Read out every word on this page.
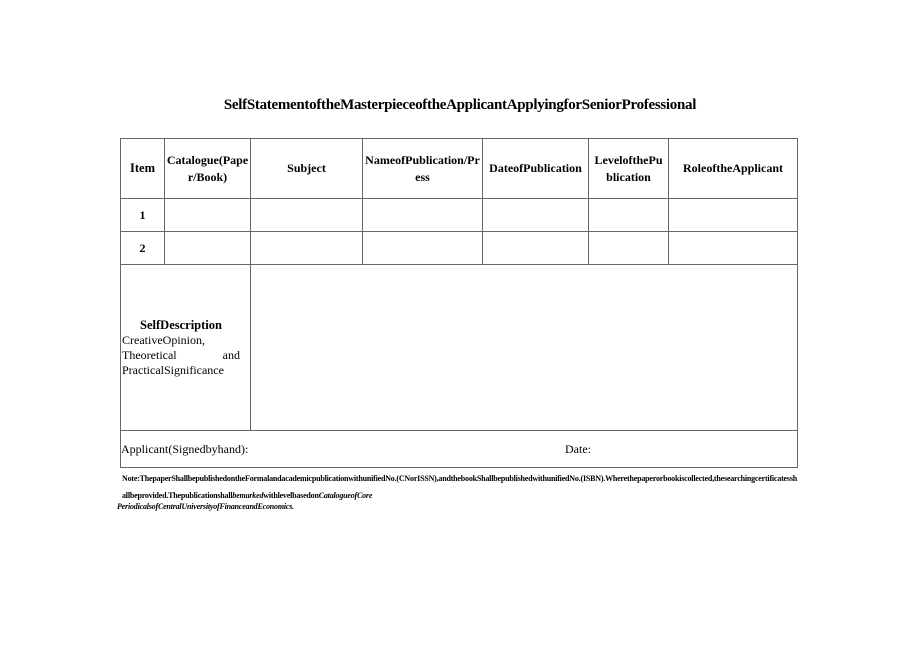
SelfStatementoftheMasterpieceoftheApplicantApplyingforSeniorProfessional
Item	Catalogue(Paper/Book)	Subject	NameofPublication/Press	DateofPublication	LevelofthePublication	RoleoftheApplicant
1						
2						

SelfDescription
CreativeOpinion, Theoretical and PracticalSignificance						

Applicant(Signedbyhand): Date:						
Note:ThepaperShallbepublishedontheFormalandacademicpublicationwithunifiedNo.(CNorISSN),andthebookShallbepublishedwithunifiedNo.(ISBN).Wherethepaperorbookiscollected,thesearchingcertificatesshallbeprovided.ThepublicationshallbemarkedwithlevelbasedonCatalogueofCore
PeriodicalsofCentralUniversityofFinanceandEconomics.
